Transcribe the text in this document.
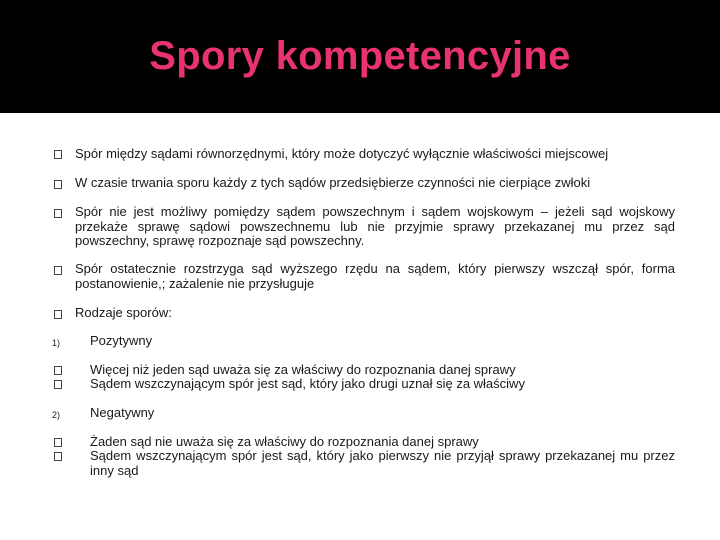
Spory kompetencyjne
Spór między sądami równorzędnymi, który może dotyczyć wyłącznie właściwości miejscowej
W czasie trwania sporu każdy z tych sądów przedsiębierze czynności nie cierpiące zwłoki
Spór nie jest możliwy pomiędzy sądem powszechnym i sądem wojskowym – jeżeli sąd wojskowy przekaże sprawę sądowi powszechnemu lub nie przyjmie sprawy przekazanej mu przez sąd powszechny, sprawę rozpoznaje sąd powszechny.
Spór ostatecznie rozstrzyga sąd wyższego rzędu na sądem, który pierwszy wszczął spór, forma postanowienie,; zażalenie nie przysługuje
Rodzaje sporów:
1) Pozytywny
Więcej niż jeden sąd uważa się za właściwy do rozpoznania danej sprawy
Sądem wszczynającym spór jest sąd, który jako drugi uznał się za właściwy
2) Negatywny
Żaden sąd nie uważa się za właściwy do rozpoznania danej sprawy
Sądem wszczynającym spór jest sąd, który jako pierwszy nie przyjął sprawy przekazanej mu przez inny sąd
